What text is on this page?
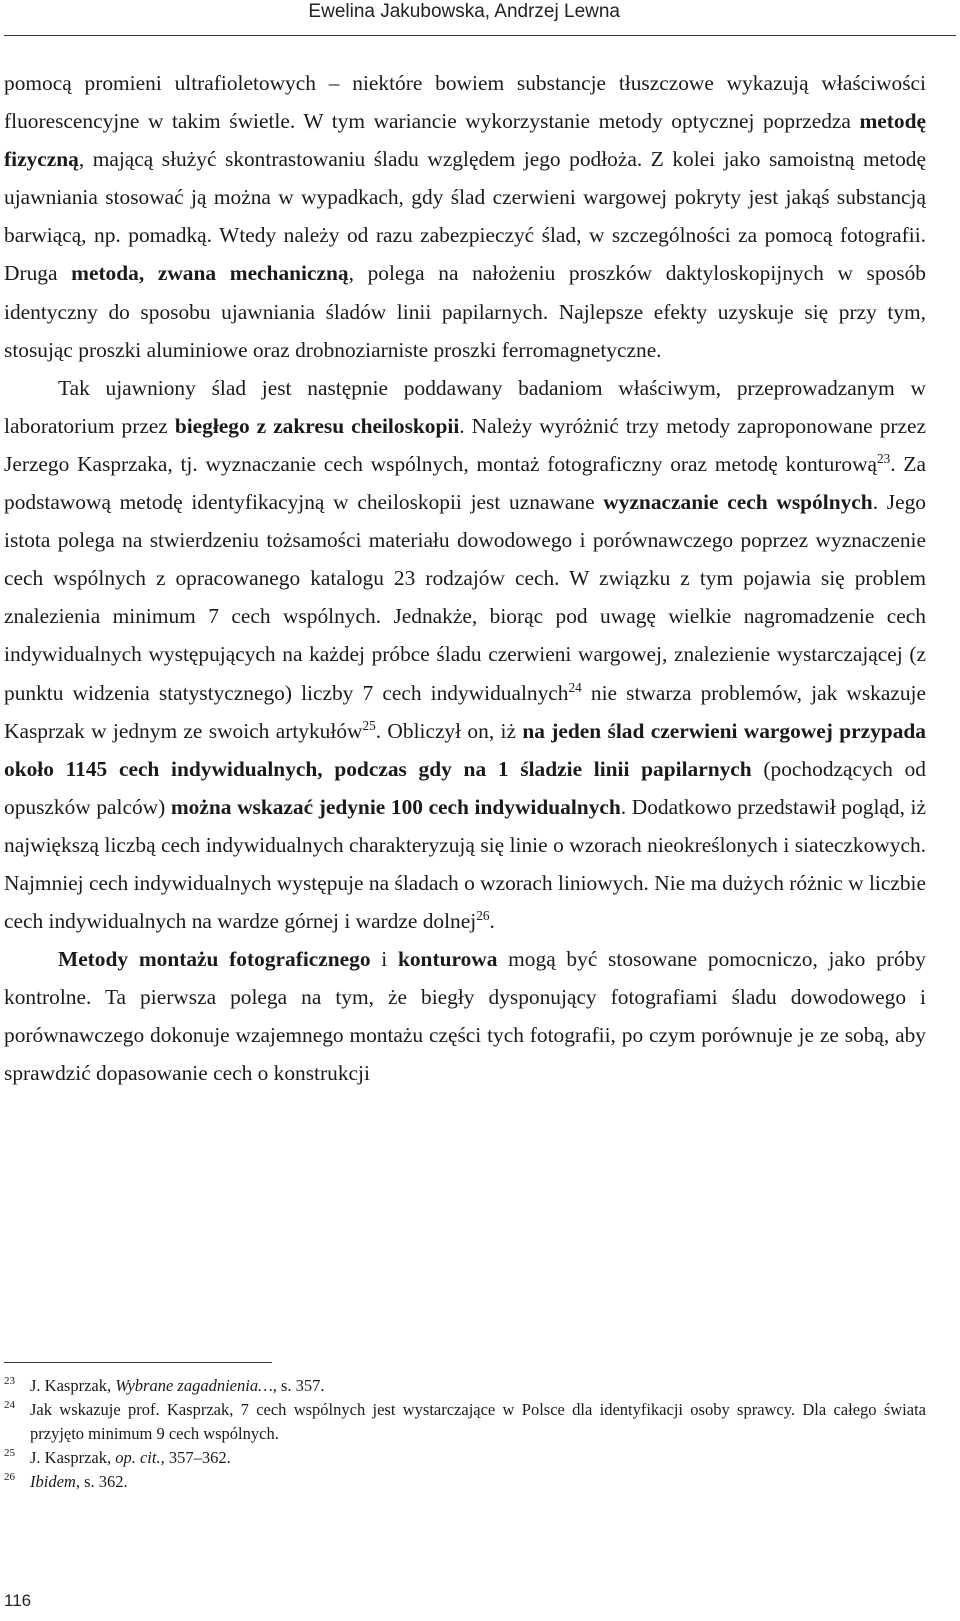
Ewelina Jakubowska, Andrzej Lewna

pomocą promieni ultrafioletowych – niektóre bowiem substancje tłuszczowe wykazują właściwości fluorescencyjne w takim świetle. W tym wariancie wykorzystanie metody optycznej poprzedza metodę fizyczną, mającą służyć skontrastowaniu śladu względem jego podłoża. Z kolei jako samoistną metodę ujawniania stosować ją można w wypadkach, gdy ślad czerwieni wargowej pokryty jest jakąś substancją barwiącą, np. pomadką. Wtedy należy od razu zabezpieczyć ślad, w szczególności za pomocą fotografii. Druga metoda, zwana mechaniczną, polega na nałożeniu proszków daktyloskopijnych w sposób identyczny do sposobu ujawniania śladów linii papilarnych. Najlepsze efekty uzyskuje się przy tym, stosując proszki aluminiowe oraz drobnoziarniste proszki ferromagnetyczne.

Tak ujawniony ślad jest następnie poddawany badaniom właściwym, przeprowadzanym w laboratorium przez biegłego z zakresu cheiloskopii. Należy wyróżnić trzy metody zaproponowane przez Jerzego Kasprzaka, tj. wyznaczanie cech wspólnych, montaż fotograficzny oraz metodę konturową$^{23}$. Za podstawową metodę identyfikacyjną w cheiloskopii jest uznawane wyznaczanie cech wspólnych. Jego istota polega na stwierdzeniu tożsamości materiału dowodowego i porównawczego poprzez wyznaczenie cech wspólnych z opracowanego katalogu 23 rodzajów cech. W związku z tym pojawia się problem znalezienia minimum 7 cech wspólnych. Jednakże, biorąc pod uwagę wielkie nagromadzenie cech indywidualnych występujących na każdej próbce śladu czerwieni wargowej, znalezienie wystarczającej (z punktu widzenia statystycznego) liczby 7 cech indywidualnych$^{24}$ nie stwarza problemów, jak wskazuje Kasprzak w jednym ze swoich artykułów$^{25}$. Obliczył on, iż na jeden ślad czerwieni wargowej przypada około 1145 cech indywidualnych, podczas gdy na 1 śladzie linii papilarnych (pochodzących od opuszków palców) można wskazać jedynie 100 cech indywidualnych. Dodatkowo przedstawił pogląd, iż największą liczbą cech indywidualnych charakteryzują się linie o wzorach nieokreślonych i siateczkowych. Najmniej cech indywidualnych występuje na śladach o wzorach liniowych. Nie ma dużych różnic w liczbie cech indywidualnych na wardze górnej i wardze dolnej$^{26}$.

Metody montażu fotograficznego i konturowa mogą być stosowane pomocniczo, jako próby kontrolne. Ta pierwsza polega na tym, że biegły dysponujący fotografiami śladu dowodowego i porównawczego dokonuje wzajemnego montażu części tych fotografii, po czym porównuje je ze sobą, aby sprawdzić dopasowanie cech o konstrukcji

23 J. Kasprzak, Wybrane zagadnienia…, s. 357.
24 Jak wskazuje prof. Kasprzak, 7 cech wspólnych jest wystarczające w Polsce dla identyfikacji osoby sprawcy. Dla całego świata przyjęto minimum 9 cech wspólnych.
25 J. Kasprzak, op. cit., 357–362.
26 Ibidem, s. 362.
116
